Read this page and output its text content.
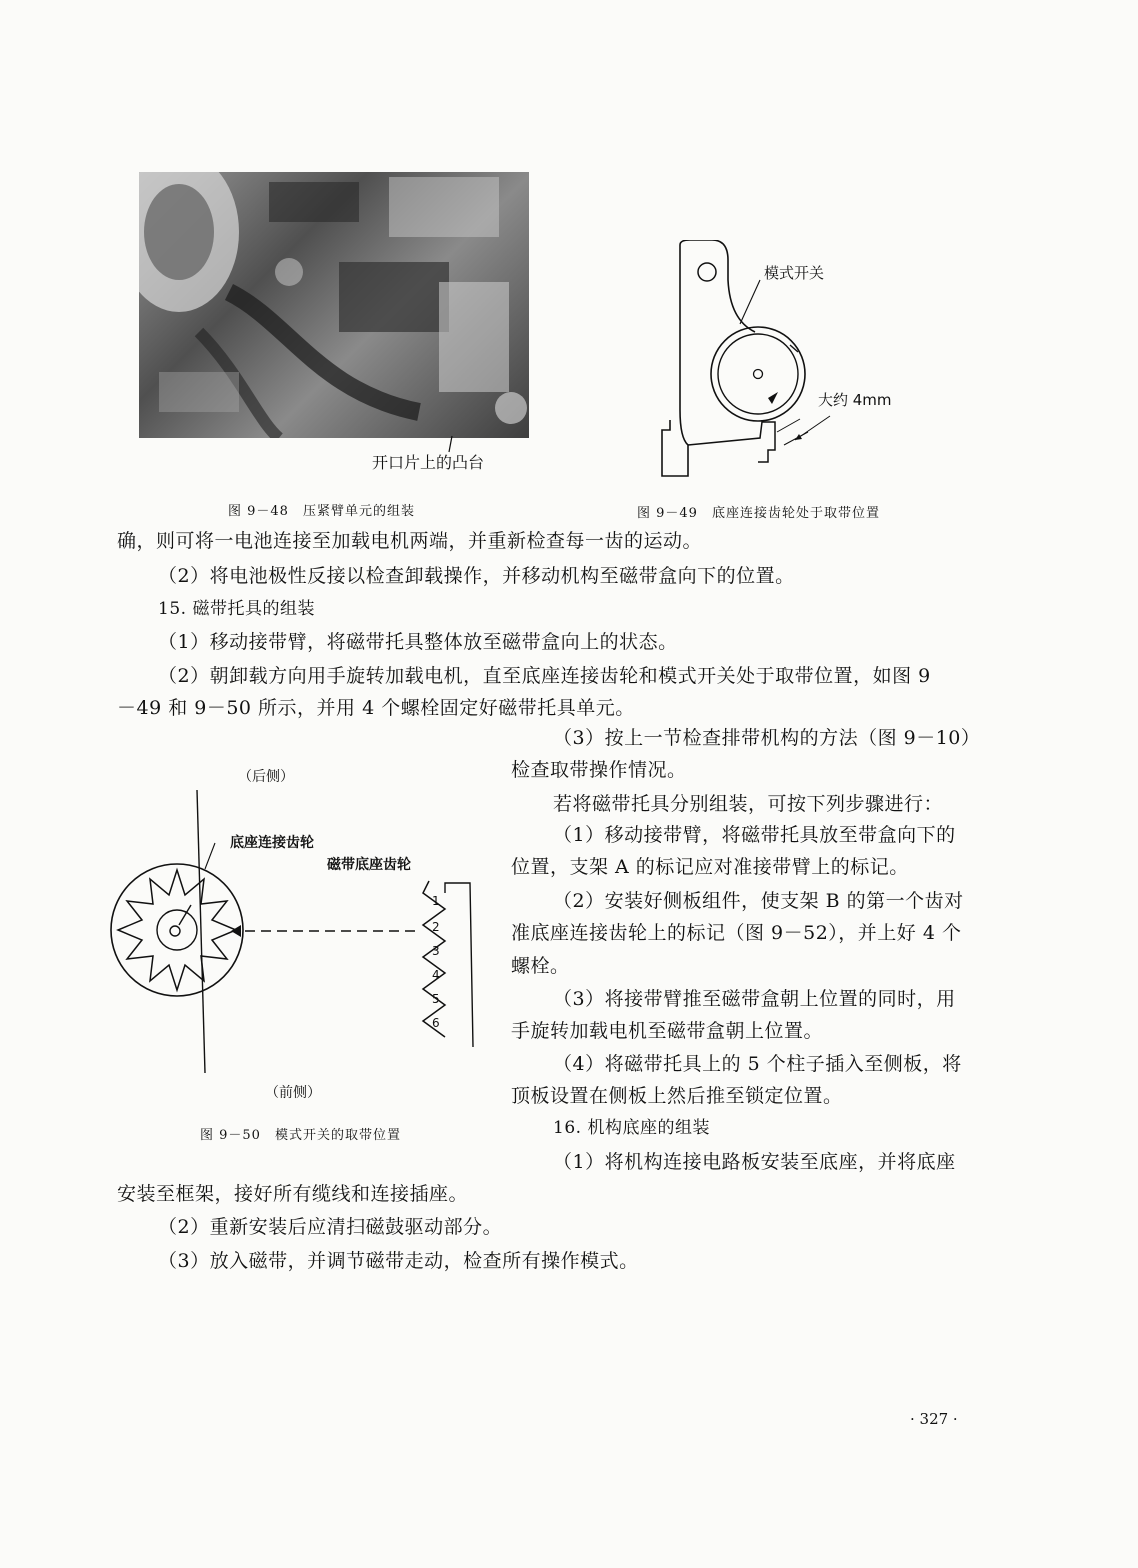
开口片上的凸台
图 9－48　压紧臂单元的组装
模式开关
大约 4mm
图 9－49　底座连接齿轮处于取带位置
确，则可将一电池连接至加载电机两端，并重新检查每一齿的运动。
（2）将电池极性反接以检查卸载操作，并移动机构至磁带盒向下的位置。
15. 磁带托具的组装
（1）移动接带臂，将磁带托具整体放至磁带盒向上的状态。
（2）朝卸载方向用手旋转加载电机，直至底座连接齿轮和模式开关处于取带位置，如图 9
－49 和 9－50 所示，并用 4 个螺栓固定好磁带托具单元。
（后侧）
磁带底座齿轮
底座连接齿轮
1
2
3
4
5
6
（前侧）
图 9－50　模式开关的取带位置
（3）按上一节检查排带机构的方法（图 9－10）
检查取带操作情况。
若将磁带托具分别组装，可按下列步骤进行：
（1）移动接带臂，将磁带托具放至带盒向下的
位置，支架 A 的标记应对准接带臂上的标记。
（2）安装好侧板组件，使支架 B 的第一个齿对
准底座连接齿轮上的标记（图 9－52），并上好 4 个
螺栓。
（3）将接带臂推至磁带盒朝上位置的同时，用
手旋转加载电机至磁带盒朝上位置。
（4）将磁带托具上的 5 个柱子插入至侧板，将
顶板设置在侧板上然后推至锁定位置。
16. 机构底座的组装
（1）将机构连接电路板安装至底座，并将底座
安装至框架，接好所有缆线和连接插座。
（2）重新安装后应清扫磁鼓驱动部分。
（3）放入磁带，并调节磁带走动，检查所有操作模式。
· 327 ·
